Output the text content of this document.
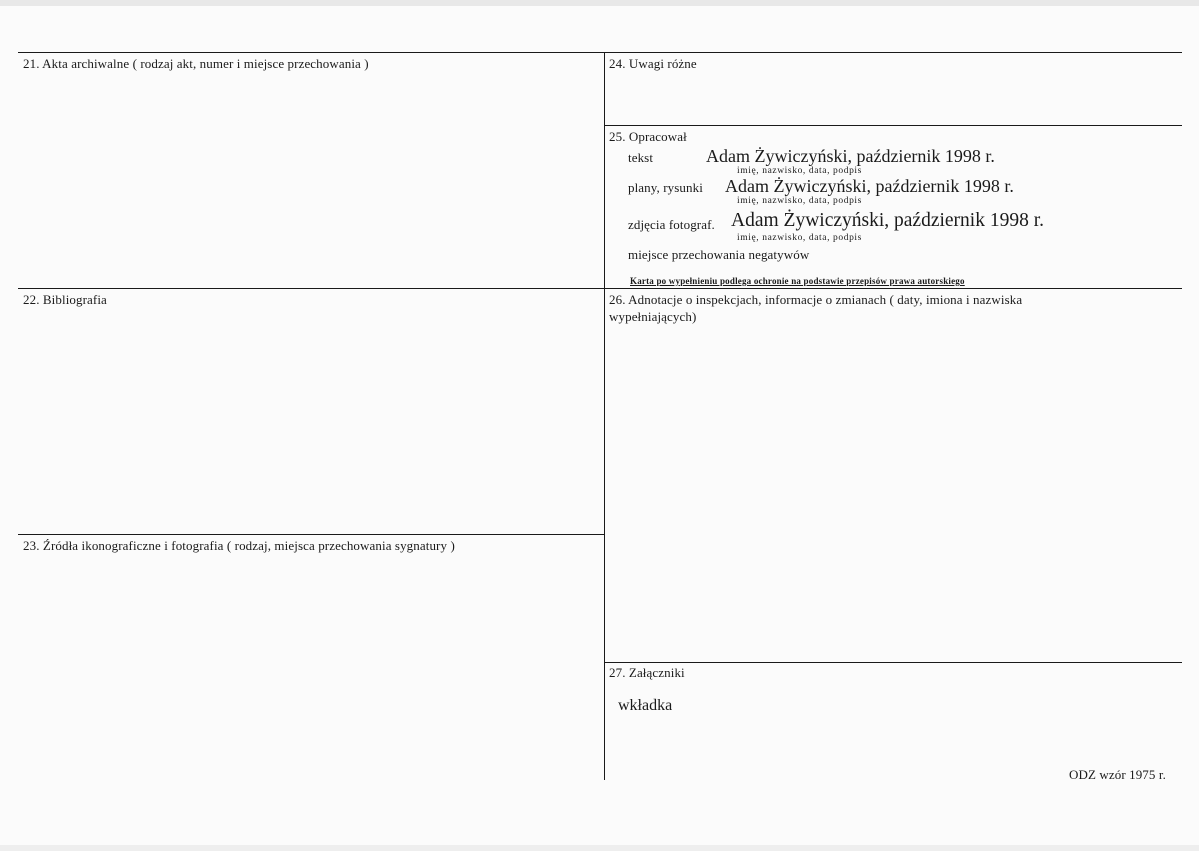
21. Akta archiwalne ( rodzaj akt, numer i miejsce przechowania )
22. Bibliografia
23. Źródła ikonograficzne i fotografia ( rodzaj, miejsca przechowania sygnatury )
24. Uwagi różne
25. Opracował
tekst	Adam Żywiczyński, październik 1998 r.
imię, nazwisko, data, podpis
plany, rysunki Adam Żywiczyński, październik 1998 r.
imię, nazwisko, data, podpis
zdjęcia fotograf. Adam Żywiczyński, październik 1998 r.
imię, nazwisko, data, podpis
miejsce przechowania negatywów
Karta po wypełnieniu podlega ochronie na podstawie przepisów prawa autorskiego
26. Adnotacje o inspekcjach, informacje o zmianach ( daty, imiona i nazwiska wypełniających)
27. Załączniki
wkładka
ODZ wzór 1975 r.
